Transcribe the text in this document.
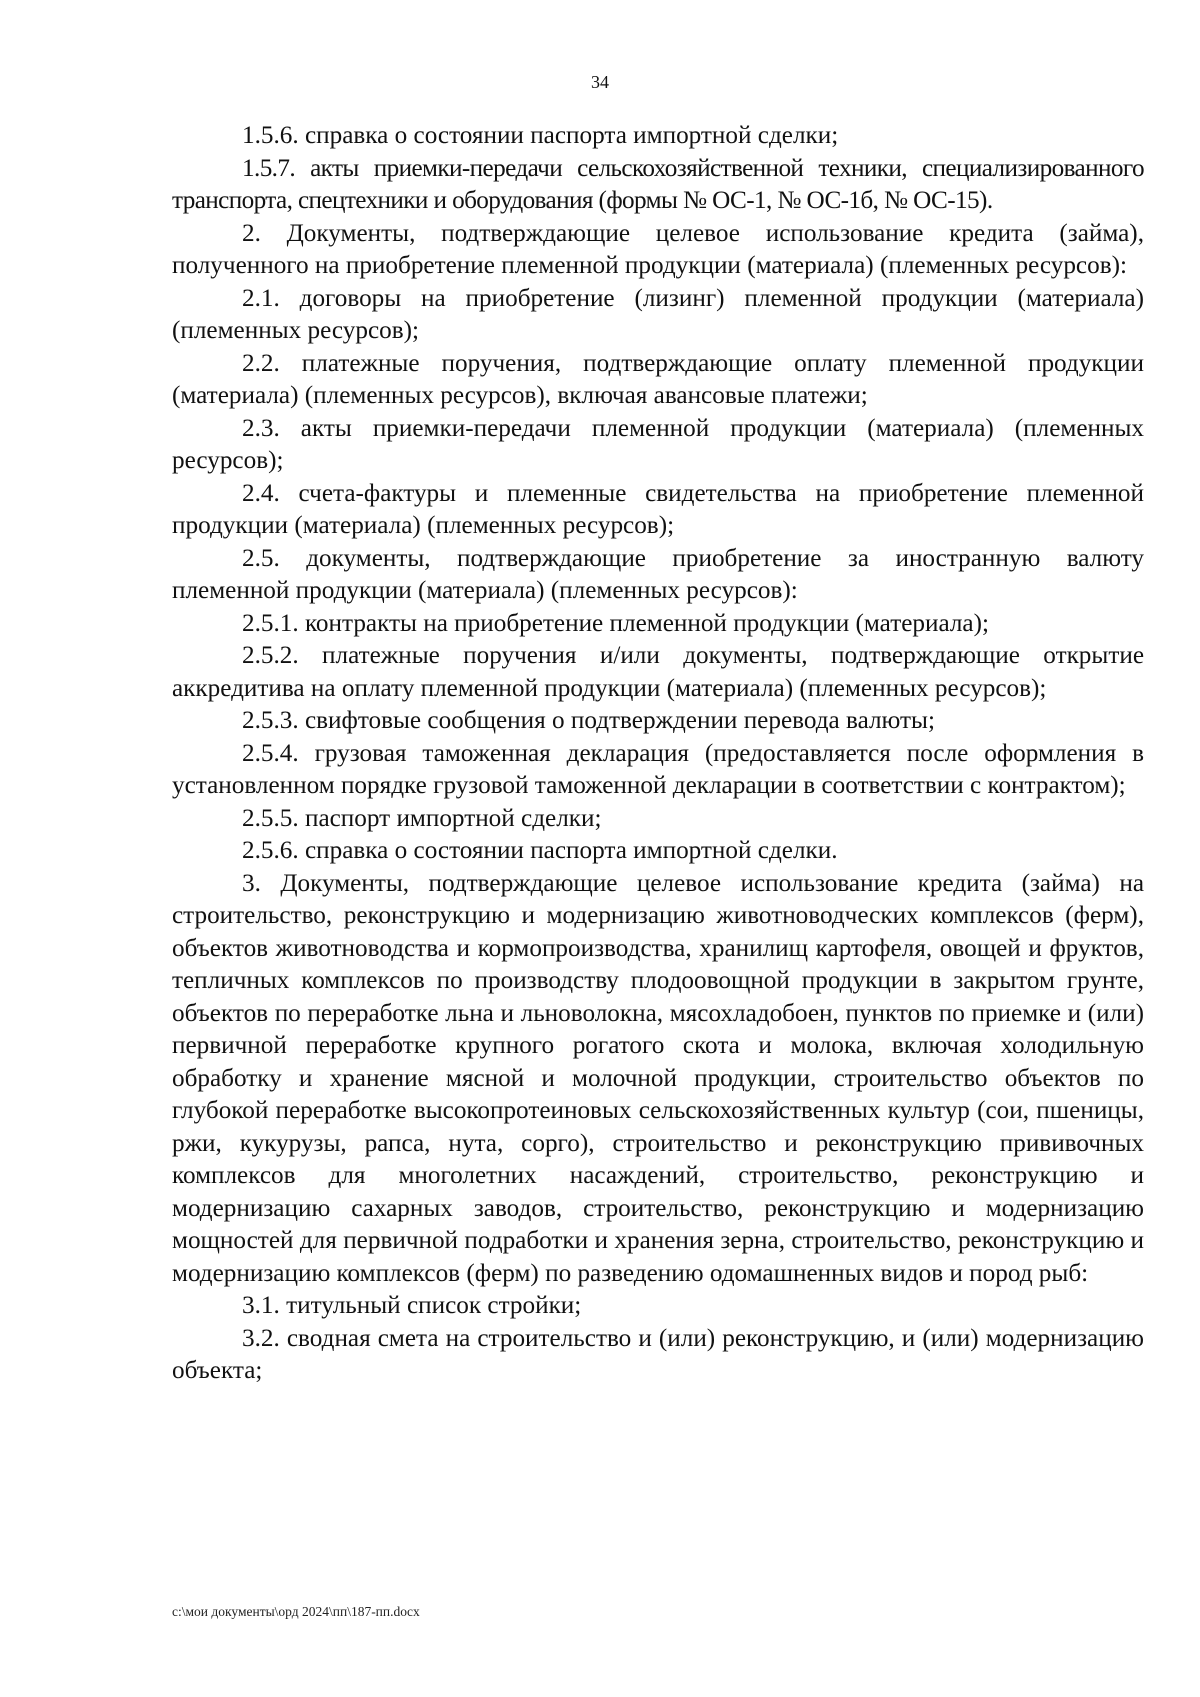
34

1.5.6. справка о состоянии паспорта импортной сделки;

1.5.7. акты приемки-передачи сельскохозяйственной техники, специализированного транспорта, спецтехники и оборудования (формы № ОС-1, № ОС-1б, № ОС-15).

2. Документы, подтверждающие целевое использование кредита (займа), полученного на приобретение племенной продукции (материала) (племенных ресурсов):

2.1. договоры на приобретение (лизинг) племенной продукции (материала) (племенных ресурсов);

2.2. платежные поручения, подтверждающие оплату племенной продукции (материала) (племенных ресурсов), включая авансовые платежи;

2.3. акты приемки-передачи племенной продукции (материала) (племенных ресурсов);

2.4. счета-фактуры и племенные свидетельства на приобретение племенной продукции (материала) (племенных ресурсов);

2.5. документы, подтверждающие приобретение за иностранную валюту племенной продукции (материала) (племенных ресурсов):

2.5.1. контракты на приобретение племенной продукции (материала);

2.5.2. платежные поручения и/или документы, подтверждающие открытие аккредитива на оплату племенной продукции (материала) (племенных ресурсов);

2.5.3. свифтовые сообщения о подтверждении перевода валюты;

2.5.4. грузовая таможенная декларация (предоставляется после оформления в установленном порядке грузовой таможенной декларации в соответствии с контрактом);

2.5.5. паспорт импортной сделки;

2.5.6. справка о состоянии паспорта импортной сделки.

3. Документы, подтверждающие целевое использование кредита (займа) на строительство, реконструкцию и модернизацию животноводческих комплексов (ферм), объектов животноводства и кормопроизводства, хранилищ картофеля, овощей и фруктов, тепличных комплексов по производству плодоовощной продукции в закрытом грунте, объектов по переработке льна и льноволокна, мясохладобоен, пунктов по приемке и (или) первичной переработке крупного рогатого скота и молока, включая холодильную обработку и хранение мясной и молочной продукции, строительство объектов по глубокой переработке высокопротеиновых сельскохозяйственных культур (сои, пшеницы, ржи, кукурузы, рапса, нута, сорго), строительство и реконструкцию прививочных комплексов для многолетних насаждений, строительство, реконструкцию и модернизацию сахарных заводов, строительство, реконструкцию и модернизацию мощностей для первичной подработки и хранения зерна, строительство, реконструкцию и модернизацию комплексов (ферм) по разведению одомашненных видов и пород рыб:

3.1. титульный список стройки;

3.2. сводная смета на строительство и (или) реконструкцию, и (или) модернизацию объекта;

c:\мои документы\орд 2024\пп\187-пп.docx
